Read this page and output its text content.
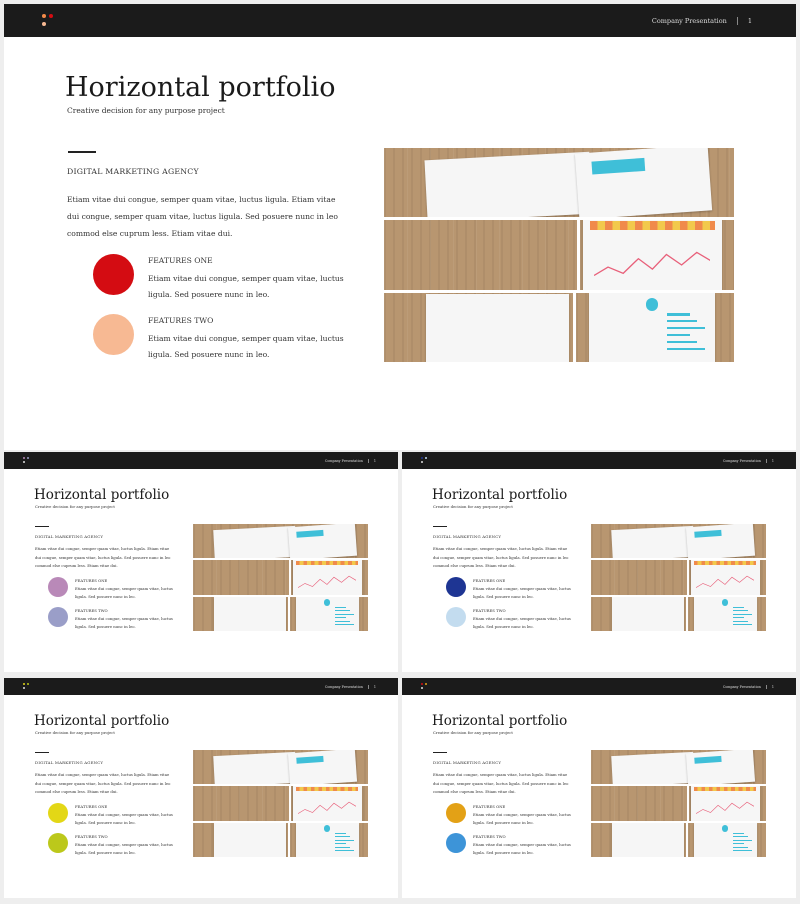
Company Presentation	1
Horizontal portfolio
Creative decision for any purpose project
DIGITAL MARKETING AGENCY
Etiam vitae dui congue, semper quam vitae, luctus ligula. Etiam vitae dui congue, semper quam vitae, luctus ligula. Sed posuere nunc in leo commod else cuprum less. Etiam vitae dui.
FEATURES ONE
Etiam vitae dui congue, semper quam vitae, luctus ligula. Sed posuere nunc in leo.
FEATURES TWO
Etiam vitae dui congue, semper quam vitae, luctus ligula. Sed posuere nunc in leo.
Company Presentation	1
Horizontal portfolio
Creative decision for any purpose project
DIGITAL MARKETING AGENCY
Etiam vitae dui congue, semper quam vitae, luctus ligula. Etiam vitae dui congue, semper quam vitae, luctus ligula. Sed posuere nunc in leo commod else cuprum less. Etiam vitae dui.
FEATURES ONE
Etiam vitae dui congue, semper quam vitae, luctus ligula. Sed posuere nunc in leo.
FEATURES TWO
Etiam vitae dui congue, semper quam vitae, luctus ligula. Sed posuere nunc in leo.
Company Presentation	1
Horizontal portfolio
Creative decision for any purpose project
DIGITAL MARKETING AGENCY
Etiam vitae dui congue, semper quam vitae, luctus ligula. Etiam vitae dui congue, semper quam vitae, luctus ligula. Sed posuere nunc in leo commod else cuprum less. Etiam vitae dui.
FEATURES ONE
Etiam vitae dui congue, semper quam vitae, luctus ligula. Sed posuere nunc in leo.
FEATURES TWO
Etiam vitae dui congue, semper quam vitae, luctus ligula. Sed posuere nunc in leo.
Company Presentation	1
Horizontal portfolio
Creative decision for any purpose project
DIGITAL MARKETING AGENCY
Etiam vitae dui congue, semper quam vitae, luctus ligula. Etiam vitae dui congue, semper quam vitae, luctus ligula. Sed posuere nunc in leo commod else cuprum less. Etiam vitae dui.
FEATURES ONE
Etiam vitae dui congue, semper quam vitae, luctus ligula. Sed posuere nunc in leo.
FEATURES TWO
Etiam vitae dui congue, semper quam vitae, luctus ligula. Sed posuere nunc in leo.
Company Presentation	1
Horizontal portfolio
Creative decision for any purpose project
DIGITAL MARKETING AGENCY
Etiam vitae dui congue, semper quam vitae, luctus ligula. Etiam vitae dui congue, semper quam vitae, luctus ligula. Sed posuere nunc in leo commod else cuprum less. Etiam vitae dui.
FEATURES ONE
Etiam vitae dui congue, semper quam vitae, luctus ligula. Sed posuere nunc in leo.
FEATURES TWO
Etiam vitae dui congue, semper quam vitae, luctus ligula. Sed posuere nunc in leo.
